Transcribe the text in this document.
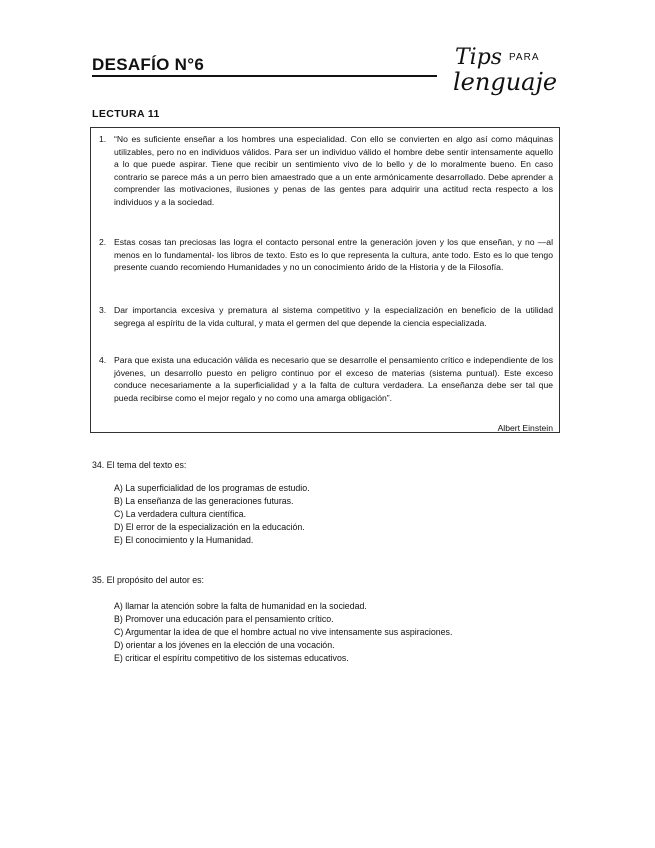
DESAFÍO N°6	Tips PARA
lenguaje
LECTURA 11
1. “No es suficiente enseñar a los hombres una especialidad. Con ello se convierten en algo así como máquinas utilizables, pero no en individuos válidos. Para ser un individuo válido el hombre debe sentir intensamente aquello a lo que puede aspirar. Tiene que recibir un sentimiento vivo de lo bello y de lo moralmente bueno. En caso contrario se parece más a un perro bien amaestrado que a un ente armónicamente desarrollado. Debe aprender a comprender las motivaciones, ilusiones y penas de las gentes para adquirir una actitud recta respecto a los individuos y a la sociedad.
2. Estas cosas tan preciosas las logra el contacto personal entre la generación joven y los que enseñan, y no —al menos en lo fundamental- los libros de texto. Esto es lo que representa la cultura, ante todo. Esto es lo que tengo presente cuando recomiendo Humanidades y no un conocimiento árido de la Historia y de la Filosofía.
3. Dar importancia excesiva y prematura al sistema competitivo y la especialización en beneficio de la utilidad segrega al espíritu de la vida cultural, y mata el germen del que depende la ciencia especializada.
4. Para que exista una educación válida es necesario que se desarrolle el pensamiento crítico e independiente de los jóvenes, un desarrollo puesto en peligro continuo por el exceso de materias (sistema puntual). Este exceso conduce necesariamente a la superficialidad y a la falta de cultura verdadera. La enseñanza debe ser tal que pueda recibirse como el mejor regalo y no como una amarga obligación”.
Albert Einstein
34. El tema del texto es:
A) La superficialidad de los programas de estudio.
B) La enseñanza de las generaciones futuras.
C) La verdadera cultura científica.
D) El error de la especialización en la educación.
E) El conocimiento y la Humanidad.
35. El propósito del autor es:
A) llamar la atención sobre la falta de humanidad en la sociedad.
B) Promover una educación para el pensamiento crítico.
C) Argumentar la idea de que el hombre actual no vive intensamente sus aspiraciones.
D) orientar a los jóvenes en la elección de una vocación.
E) criticar el espíritu competitivo de los sistemas educativos.
